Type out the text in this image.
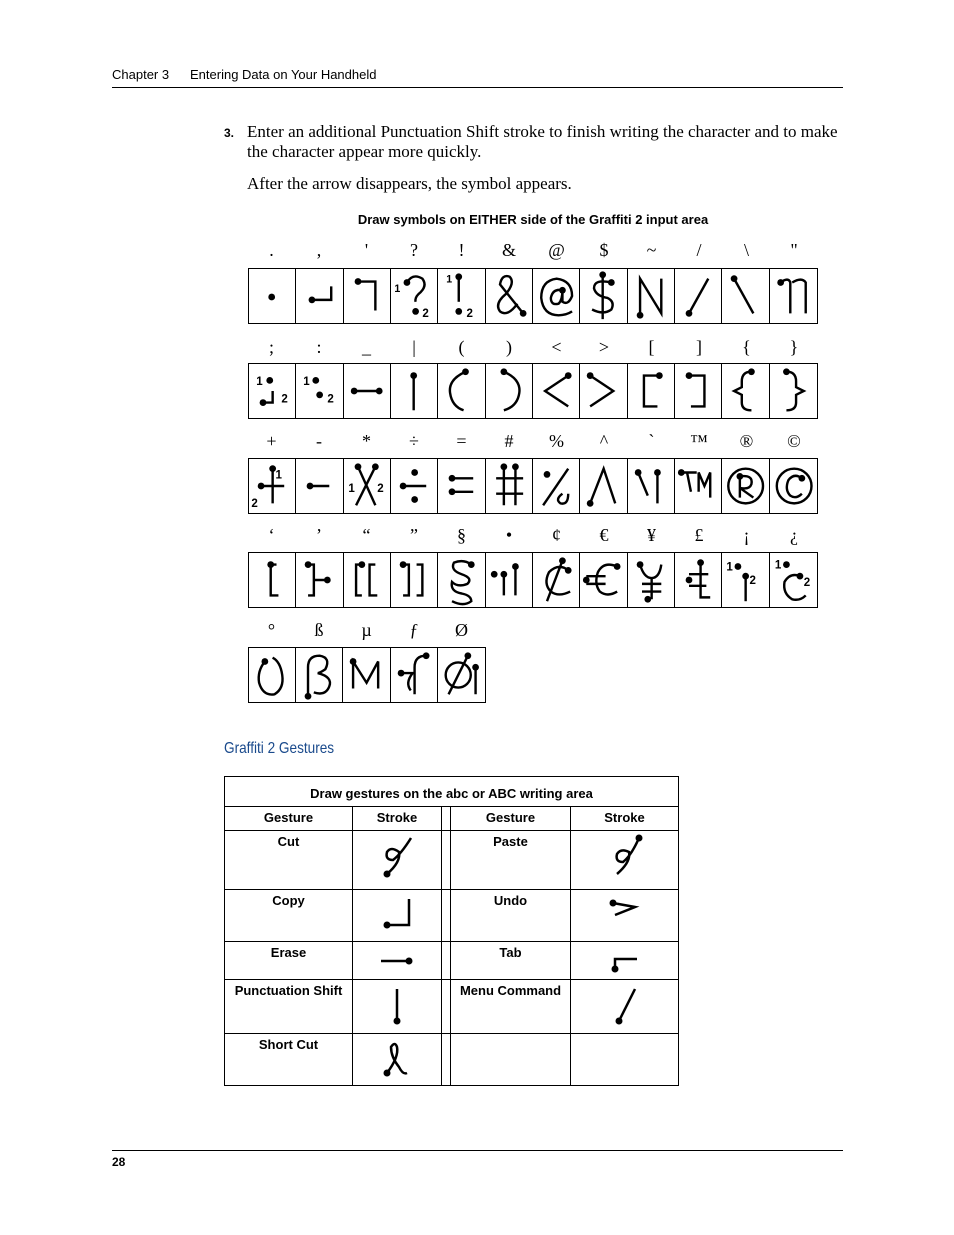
Chapter 3 Entering Data on Your Handheld
3. Enter an additional Punctuation Shift stroke to finish writing the character and to make the character appear more quickly.
After the arrow disappears, the symbol appears.
Draw symbols on EITHER side of the Graffiti 2 input area
.	,	'	?	!	&	@	$	~	/	\	"
1
2
1
2
;	:	_	|	(	)	<	>	[	]	{	}
1
2
1
2
+	-	*	÷	=	#	%	^	`	™	®	©
1
2
1 2
‘	’	“	”	§	•	¢	€	¥	£	¡	¿
1
2
1
2
°	ß	µ	ƒ	Ø
Graffiti 2 Gestures
Draw gestures on the abc or ABC writing area				
Gesture	Stroke		Gesture	Stroke
Cut			Paste	

Copy			Undo	

Erase			Tab	

Punctuation Shift			Menu Command	

Short Cut	

28
